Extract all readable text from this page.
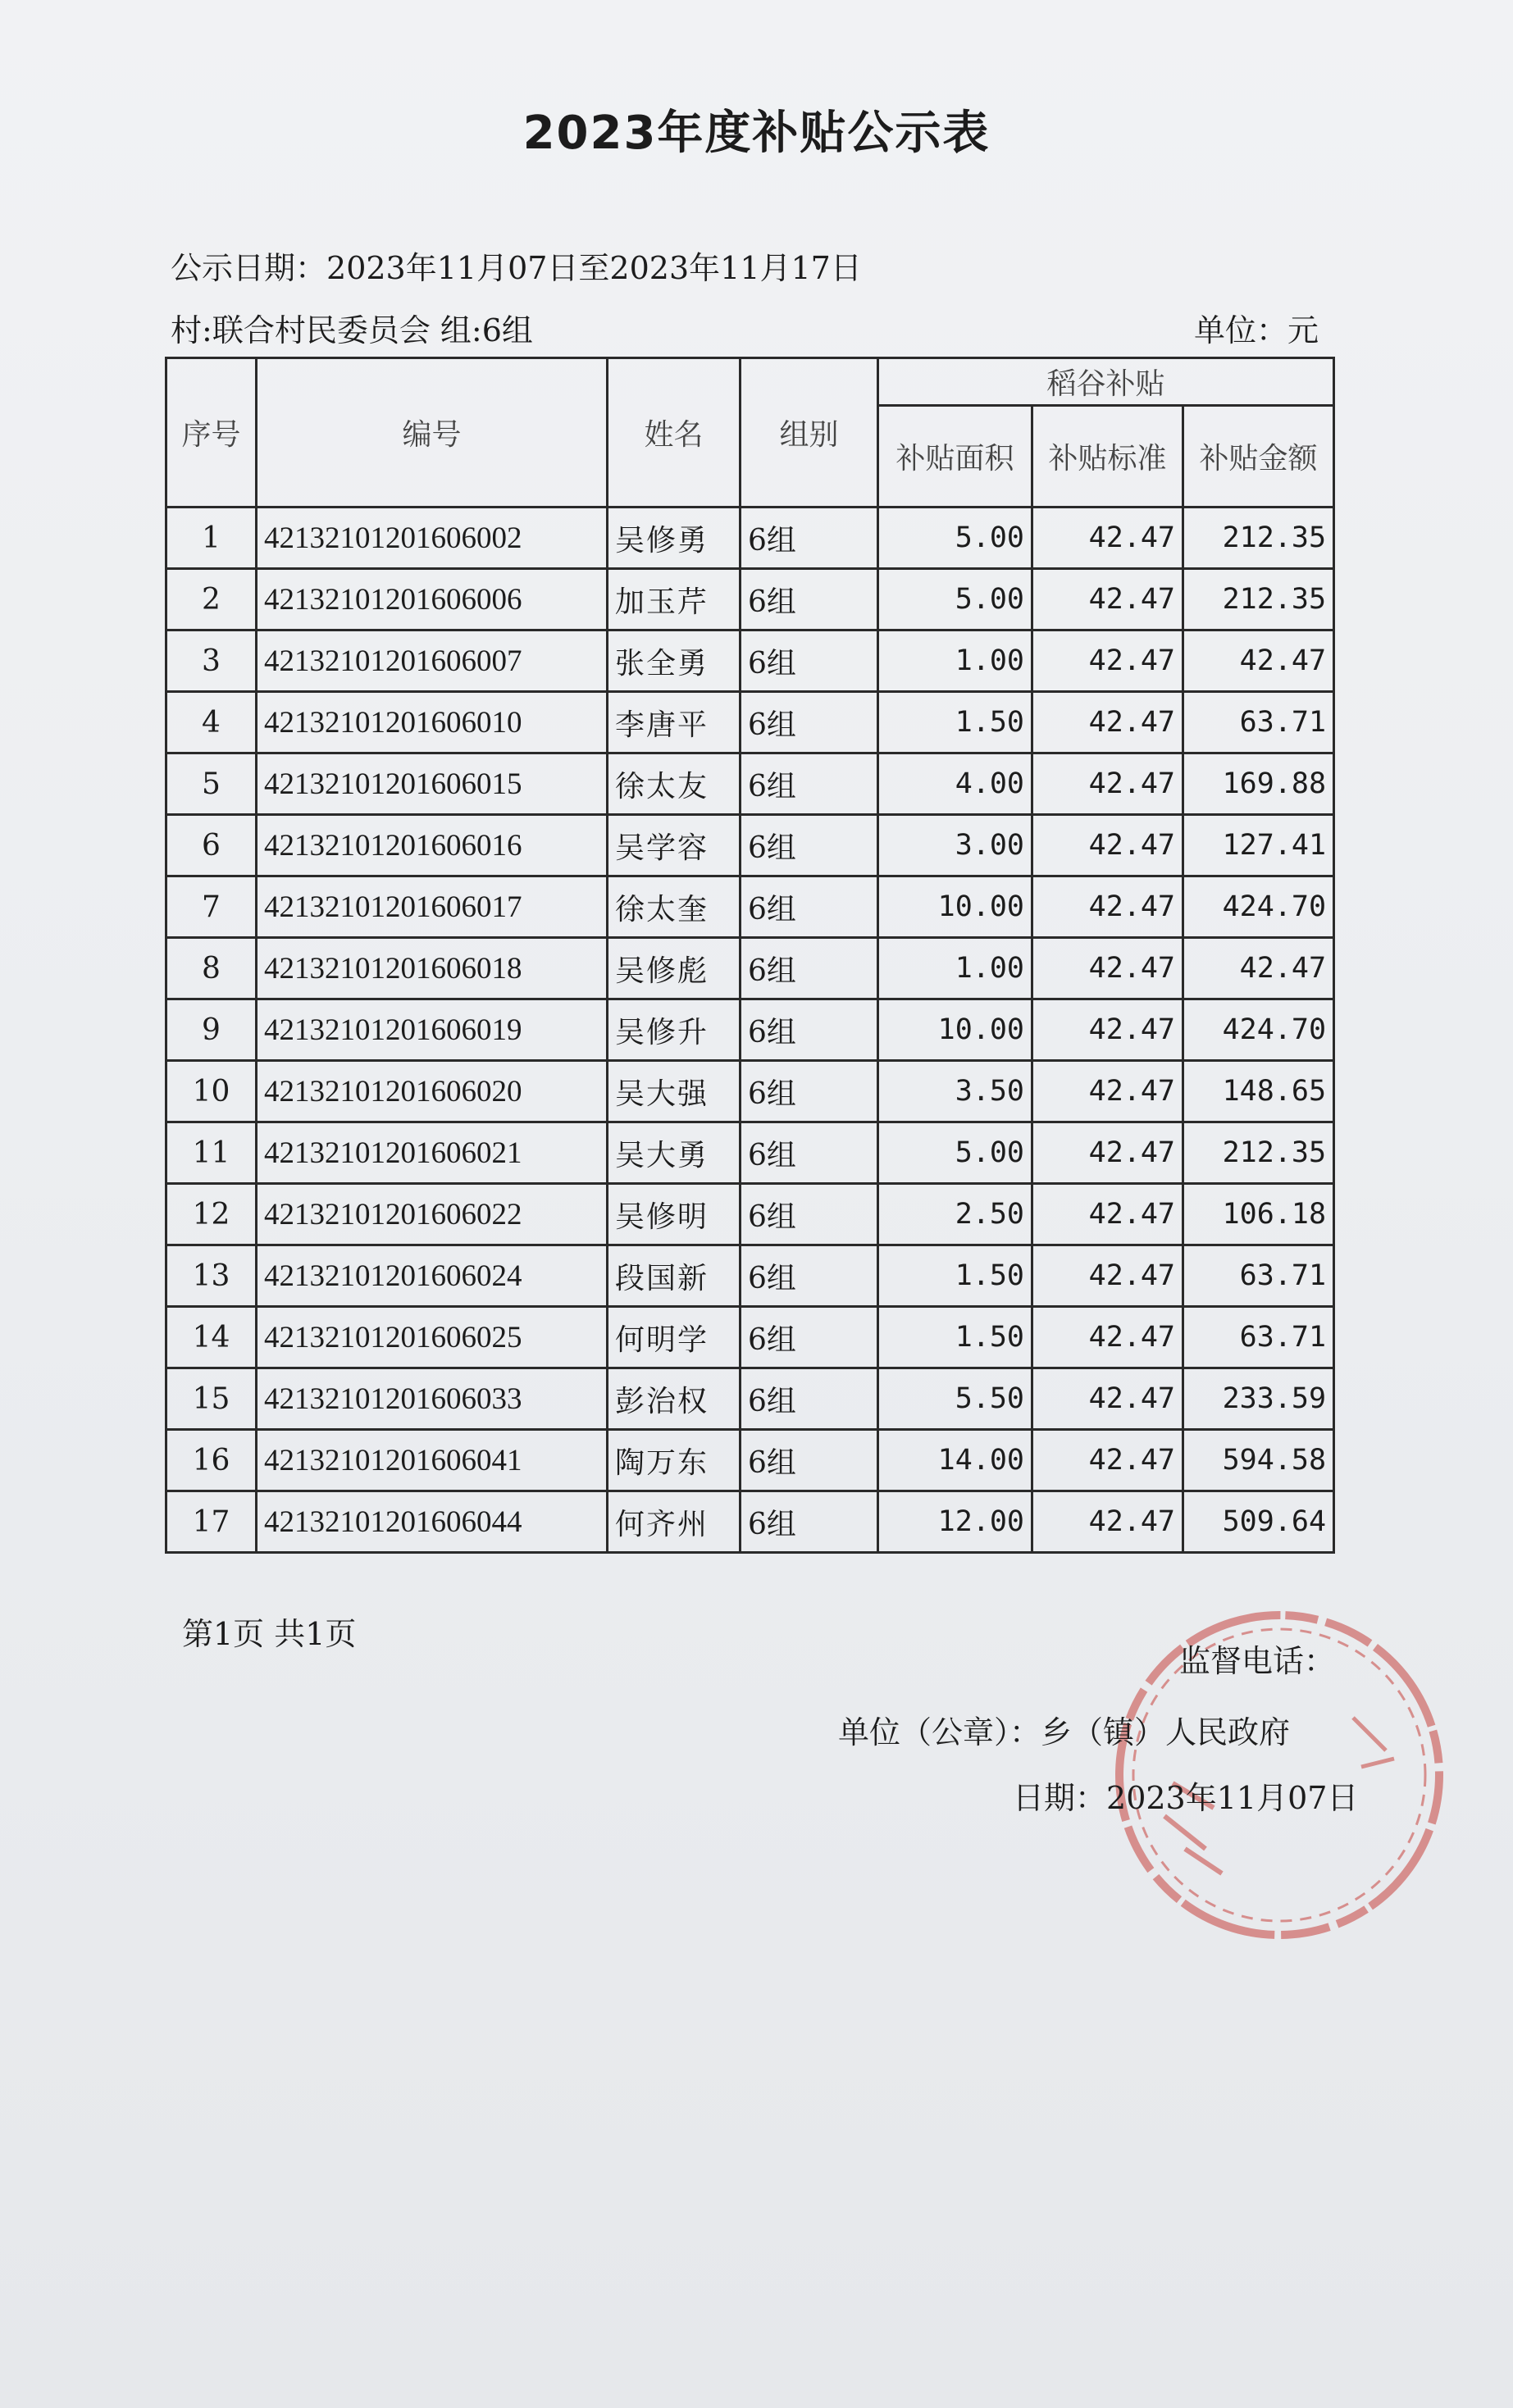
2023年度补贴公示表
公示日期：2023年11月07日至2023年11月17日
村:联合村民委员会 组:6组	单位：元
序号	编号	姓名	组别	稻谷补贴		
				补贴面积	补贴标准	补贴金额
1	42132101201606002	吴修勇	6组	5.00	42.47	212.35
2	42132101201606006	加玉芹	6组	5.00	42.47	212.35
3	42132101201606007	张全勇	6组	1.00	42.47	42.47
4	42132101201606010	李唐平	6组	1.50	42.47	63.71
5	42132101201606015	徐太友	6组	4.00	42.47	169.88
6	42132101201606016	吴学容	6组	3.00	42.47	127.41
7	42132101201606017	徐太奎	6组	10.00	42.47	424.70
8	42132101201606018	吴修彪	6组	1.00	42.47	42.47
9	42132101201606019	吴修升	6组	10.00	42.47	424.70
10	42132101201606020	吴大强	6组	3.50	42.47	148.65
11	42132101201606021	吴大勇	6组	5.00	42.47	212.35
12	42132101201606022	吴修明	6组	2.50	42.47	106.18
13	42132101201606024	段国新	6组	1.50	42.47	63.71
14	42132101201606025	何明学	6组	1.50	42.47	63.71
15	42132101201606033	彭治权	6组	5.50	42.47	233.59
16	42132101201606041	陶万东	6组	14.00	42.47	594.58
17	42132101201606044	何齐州	6组	12.00	42.47	509.64
第1页 共1页
监督电话：
单位（公章）：乡（镇）人民政府
日期：2023年11月07日
